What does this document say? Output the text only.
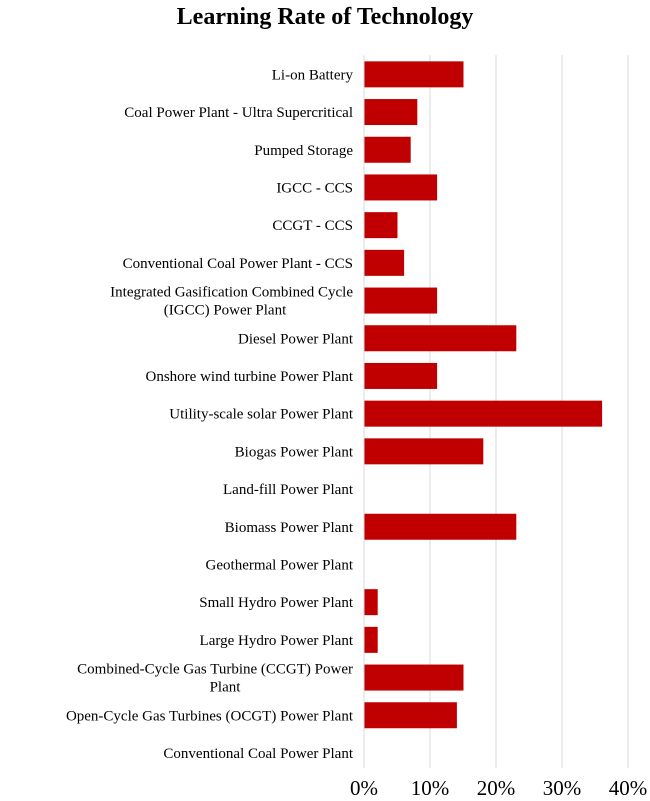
Learning Rate of Technology
Li-on Battery
Coal Power Plant - Ultra Supercritical
Pumped Storage
IGCC - CCS
CCGT - CCS
Conventional Coal Power Plant - CCS
Integrated Gasification Combined Cycle (IGCC) Power Plant
Diesel Power Plant
Onshore wind turbine Power Plant
Utility-scale solar Power Plant
Biogas Power Plant
Land-fill Power Plant
Biomass Power Plant
Geothermal Power Plant
Small Hydro Power Plant
Large Hydro Power Plant
Combined-Cycle Gas Turbine (CCGT) Power Plant
Open-Cycle Gas Turbines (OCGT) Power Plant
Conventional Coal Power Plant
0% 10% 20% 30% 40%
